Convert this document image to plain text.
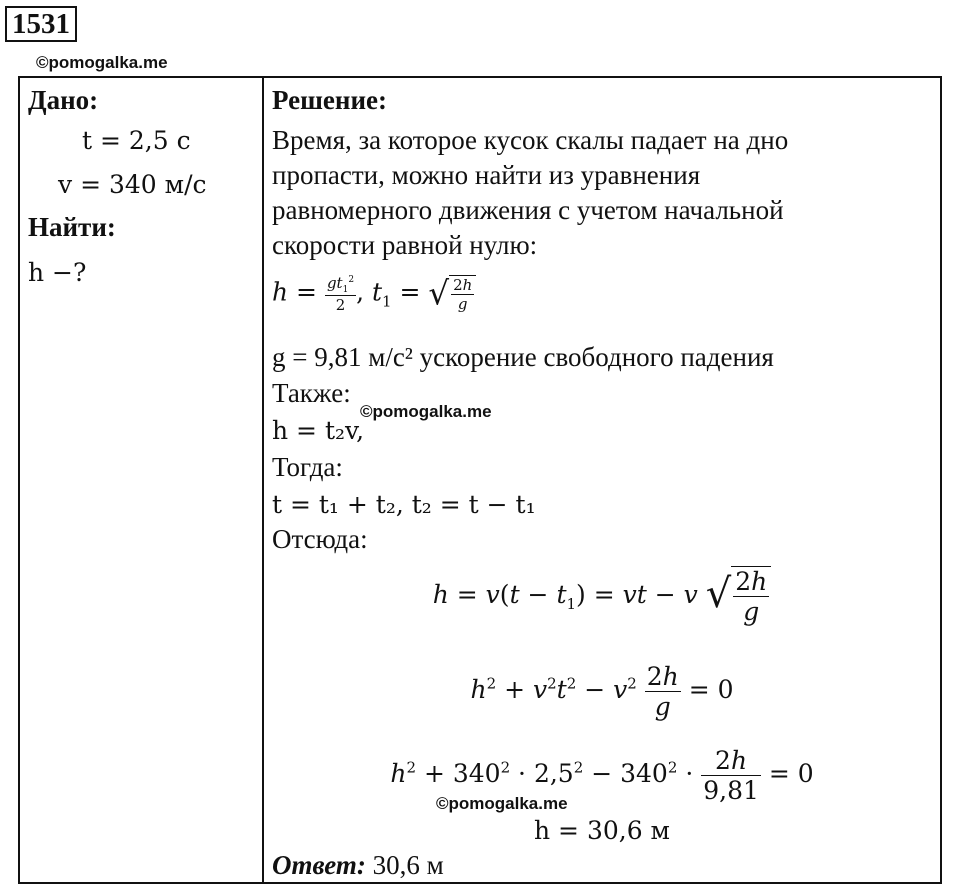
1531
©pomogalka.me
Дано:
t = 2,5 с
v = 340 м/с
Найти:
h −?

Решение:
Время, за которое кусок скалы падает на дно
пропасти, можно найти из уравнения
равномерного движения с учетом начальной
скорости равной нулю:
$h = \frac{gt_1^2}{2}$ , $t_1$ = √ $\frac{2h}{g}$
g = 9,81 м/с² ускорение свободного падения
Также:
h = t₂v,
Тогда:
t = t₁ + t₂, t₂ = t − t₁
Отсюда:
$h = v(t - t_1)$ = vt − v √ $\frac{2h}{g}$
$h^2 + v^2t^2 - v^2 \frac{2h}{g} = 0$
$h^2 + 340^2 \cdot 2,5^2 - 340^2 \cdot \frac{2h}{9,81} = 0$
h = 30,6 м
Ответ: 30,6 м
©pomogalka.me
©pomogalka.me
